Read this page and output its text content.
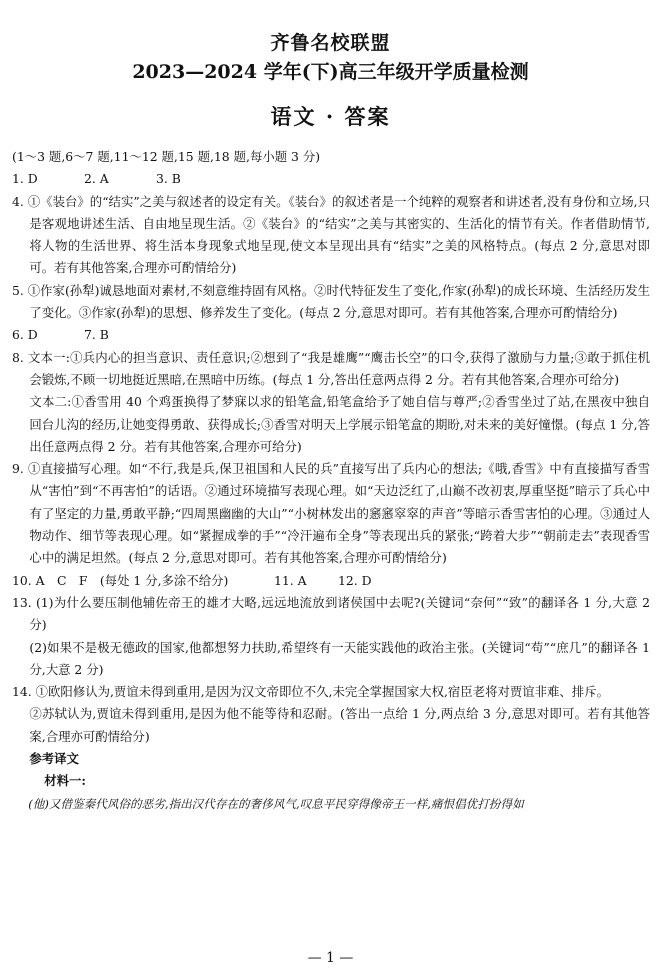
齐鲁名校联盟
2023—2024 学年(下)高三年级开学质量检测
语文 · 答案

(1～3 题,6～7 题,11～12 题,15 题,18 题,每小题 3 分)

1. D	2. A	3. B

4. ①《装台》的“结实”之美与叙述者的设定有关。《装台》的叙述者是一个纯粹的观察者和讲述者,没有身份和立场,只是客观地讲述生活、自由地呈现生活。②《装台》的“结实”之美与其密实的、生活化的情节有关。作者借助情节,将人物的生活世界、将生活本身现象式地呈现,使文本呈现出具有“结实”之美的风格特点。(每点 2 分,意思对即可。若有其他答案,合理亦可酌情给分)

5. ①作家(孙犁)诚恳地面对素材,不刻意维持固有风格。②时代特征发生了变化,作家(孙犁)的成长环境、生活经历发生了变化。③作家(孙犁)的思想、修养发生了变化。(每点 2 分,意思对即可。若有其他答案,合理亦可酌情给分)

6. D	7. B

8. 文本一:①兵内心的担当意识、责任意识;②想到了“我是雄鹰”“鹰击长空”的口令,获得了激励与力量;③敢于抓住机会锻炼,不顾一切地挺近黑暗,在黑暗中历练。(每点 1 分,答出任意两点得 2 分。若有其他答案,合理亦可给分)

文本二:①香雪用 40 个鸡蛋换得了梦寐以求的铅笔盒,铅笔盒给予了她自信与尊严;②香雪坐过了站,在黑夜中独自回台儿沟的经历,让她变得勇敢、获得成长;③香雪对明天上学展示铅笔盒的期盼,对未来的美好憧憬。(每点 1 分,答出任意两点得 2 分。若有其他答案,合理亦可给分)

9. ①直接描写心理。如“不行,我是兵,保卫祖国和人民的兵”直接写出了兵内心的想法;《哦,香雪》中有直接描写香雪从“害怕”到“不再害怕”的话语。②通过环境描写表现心理。如“天边泛红了,山巅不改初衷,厚重坚挺”暗示了兵心中有了坚定的力量,勇敢平静;“四周黑幽幽的大山”“小树林发出的窸窸窣窣的声音”等暗示香雪害怕的心理。③通过人物动作、细节等表现心理。如“紧握成拳的手”“冷汗遍布全身”等表现出兵的紧张;“跨着大步”“朝前走去”表现香雪心中的满足坦然。(每点 2 分,意思对即可。若有其他答案,合理亦可酌情给分)

10. A　C　F　(每处 1 分,多涂不给分)	11. A	12. D

13. (1)为什么要压制他辅佐帝王的雄才大略,远远地流放到诸侯国中去呢?(关键词“奈何”“致”的翻译各 1 分,大意 2 分)

(2)如果不是极无德政的国家,他都想努力扶助,希望终有一天能实践他的政治主张。(关键词“苟”“庶几”的翻译各 1 分,大意 2 分)

14. ①欧阳修认为,贾谊未得到重用,是因为汉文帝即位不久,未完全掌握国家大权,宿臣老将对贾谊非难、排斥。

②苏轼认为,贾谊未得到重用,是因为他不能等待和忍耐。(答出一点给 1 分,两点给 3 分,意思对即可。若有其他答案,合理亦可酌情给分)

参考译文

材料一:

(他)又借鉴秦代风俗的恶劣,指出汉代存在的奢侈风气,叹息平民穿得像帝王一样,痛恨倡优打扮得如

— 1 —
